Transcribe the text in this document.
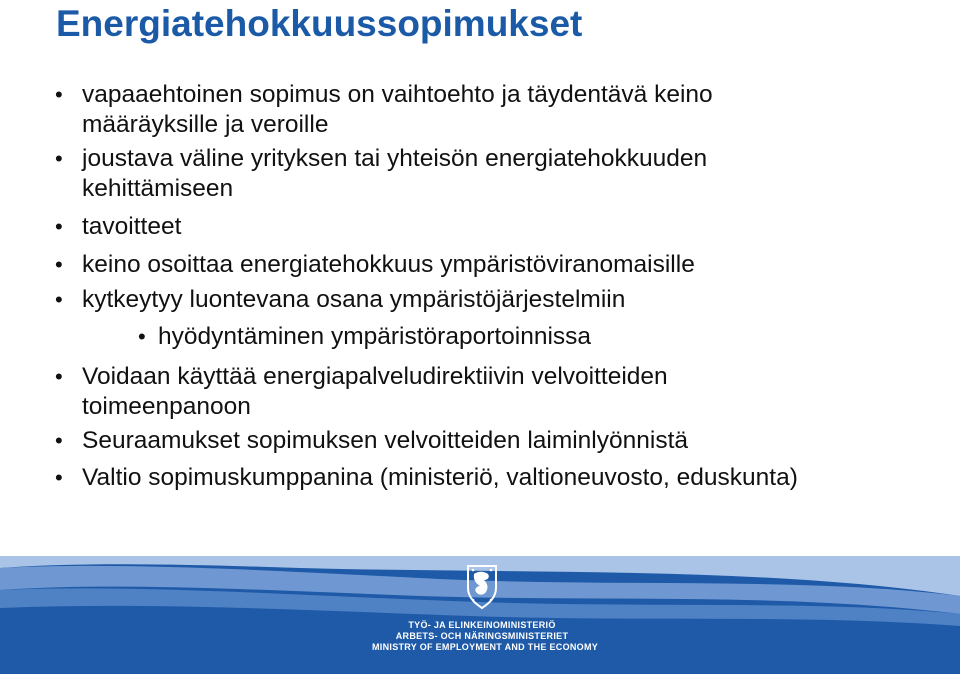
Energiatehokkuussopimukset
• vapaaehtoinen sopimus on vaihtoehto ja täydentävä keino
määräyksille ja veroille
• joustava väline yrityksen tai yhteisön energiatehokkuuden
kehittämiseen
• tavoitteet
• keino osoittaa energiatehokkuus ympäristöviranomaisille
• kytkeytyy luontevana osana ympäristöjärjestelmiin
• hyödyntäminen ympäristöraportoinnissa
• Voidaan käyttää energiapalveludirektiivin velvoitteiden
toimeenpanoon
• Seuraamukset sopimuksen velvoitteiden laiminlyönnistä
• Valtio sopimuskumppanina (ministeriö, valtioneuvosto, eduskunta)
TYÖ- JA ELINKEINOMINISTERIÖ
ARBETS- OCH NÄRINGSMINISTERIET
MINISTRY OF EMPLOYMENT AND THE ECONOMY
